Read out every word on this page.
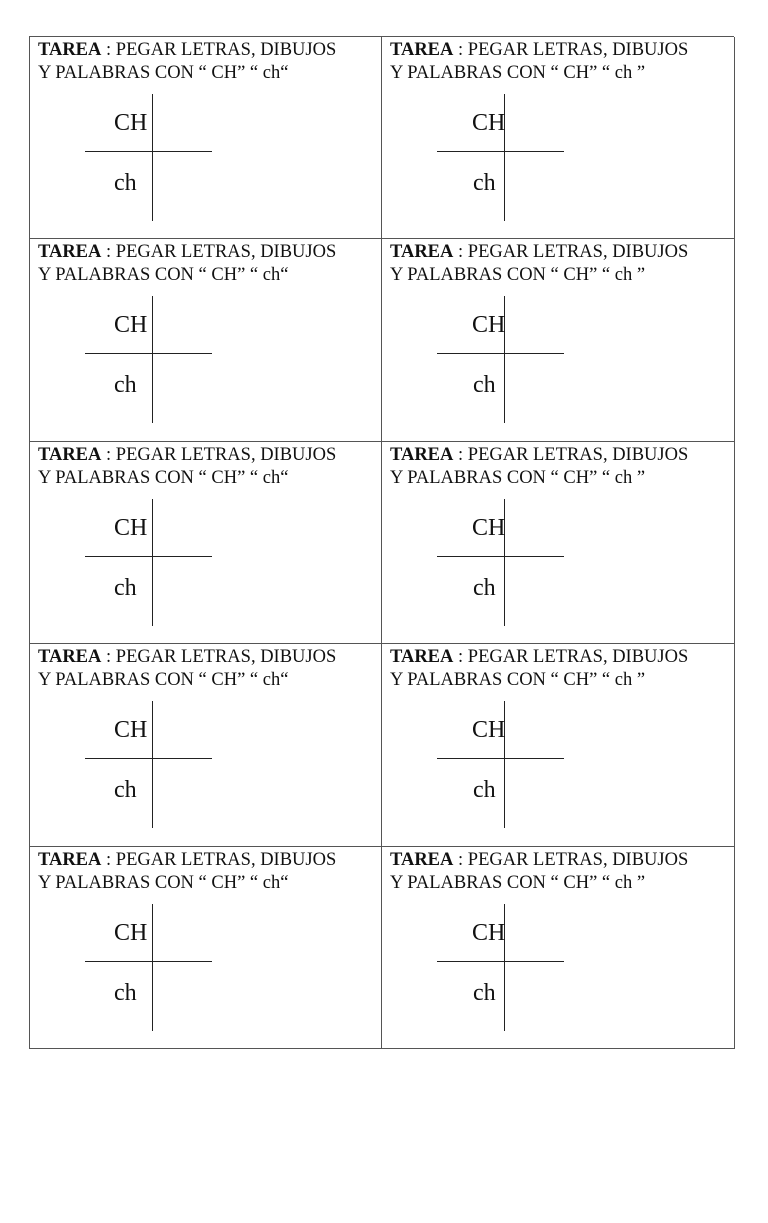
TAREA : PEGAR LETRAS, DIBUJOS
Y PALABRAS CON “ CH” “ ch“
CH
ch
TAREA : PEGAR LETRAS, DIBUJOS
Y PALABRAS CON “ CH” “ ch ”
CH
ch
TAREA : PEGAR LETRAS, DIBUJOS
Y PALABRAS CON “ CH” “ ch“
CH
ch
TAREA : PEGAR LETRAS, DIBUJOS
Y PALABRAS CON “ CH” “ ch ”
CH
ch
TAREA : PEGAR LETRAS, DIBUJOS
Y PALABRAS CON “ CH” “ ch“
CH
ch
TAREA : PEGAR LETRAS, DIBUJOS
Y PALABRAS CON “ CH” “ ch ”
CH
ch
TAREA : PEGAR LETRAS, DIBUJOS
Y PALABRAS CON “ CH” “ ch“
CH
ch
TAREA : PEGAR LETRAS, DIBUJOS
Y PALABRAS CON “ CH” “ ch ”
CH
ch
TAREA : PEGAR LETRAS, DIBUJOS
Y PALABRAS CON “ CH” “ ch“
CH
ch
TAREA : PEGAR LETRAS, DIBUJOS
Y PALABRAS CON “ CH” “ ch ”
CH
ch
